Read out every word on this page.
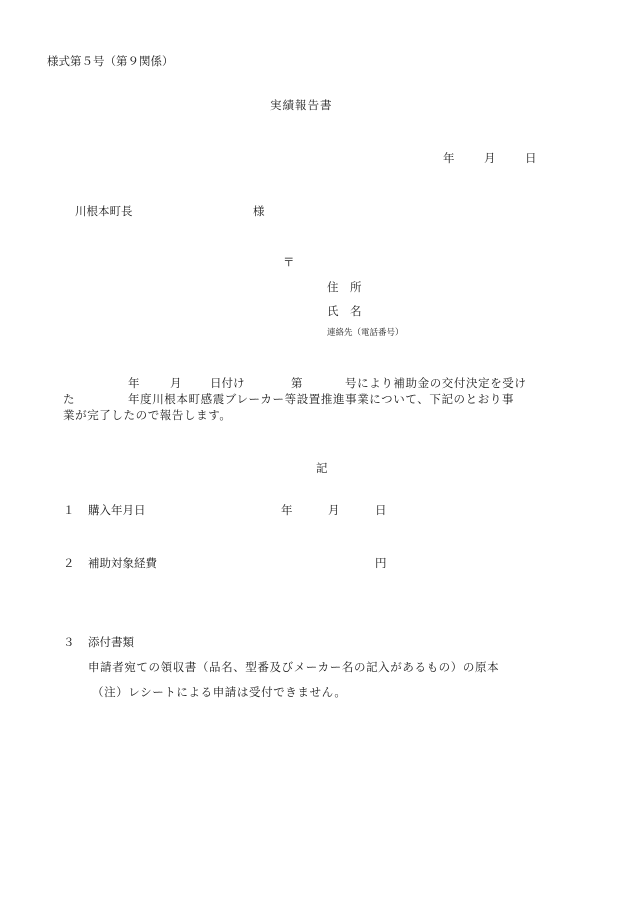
様式第５号（第９関係）
実績報告書
年	月	日
川根本町長	様
〒
住　所
氏　名
連絡先（電話番号）
年	月 日付け	第	号により補助金の交付決定を受け
た	年度川根本町感震ブレーカー等設置推進事業について、下記のとおり事
業が完了したので報告します。
記
１ 購入年月日	年	月	日
２ 補助対象経費	円
３ 添付書類
申請者宛ての領収書（品名、型番及びメーカー名の記入があるもの）の原本
（注）レシートによる申請は受付できません。
